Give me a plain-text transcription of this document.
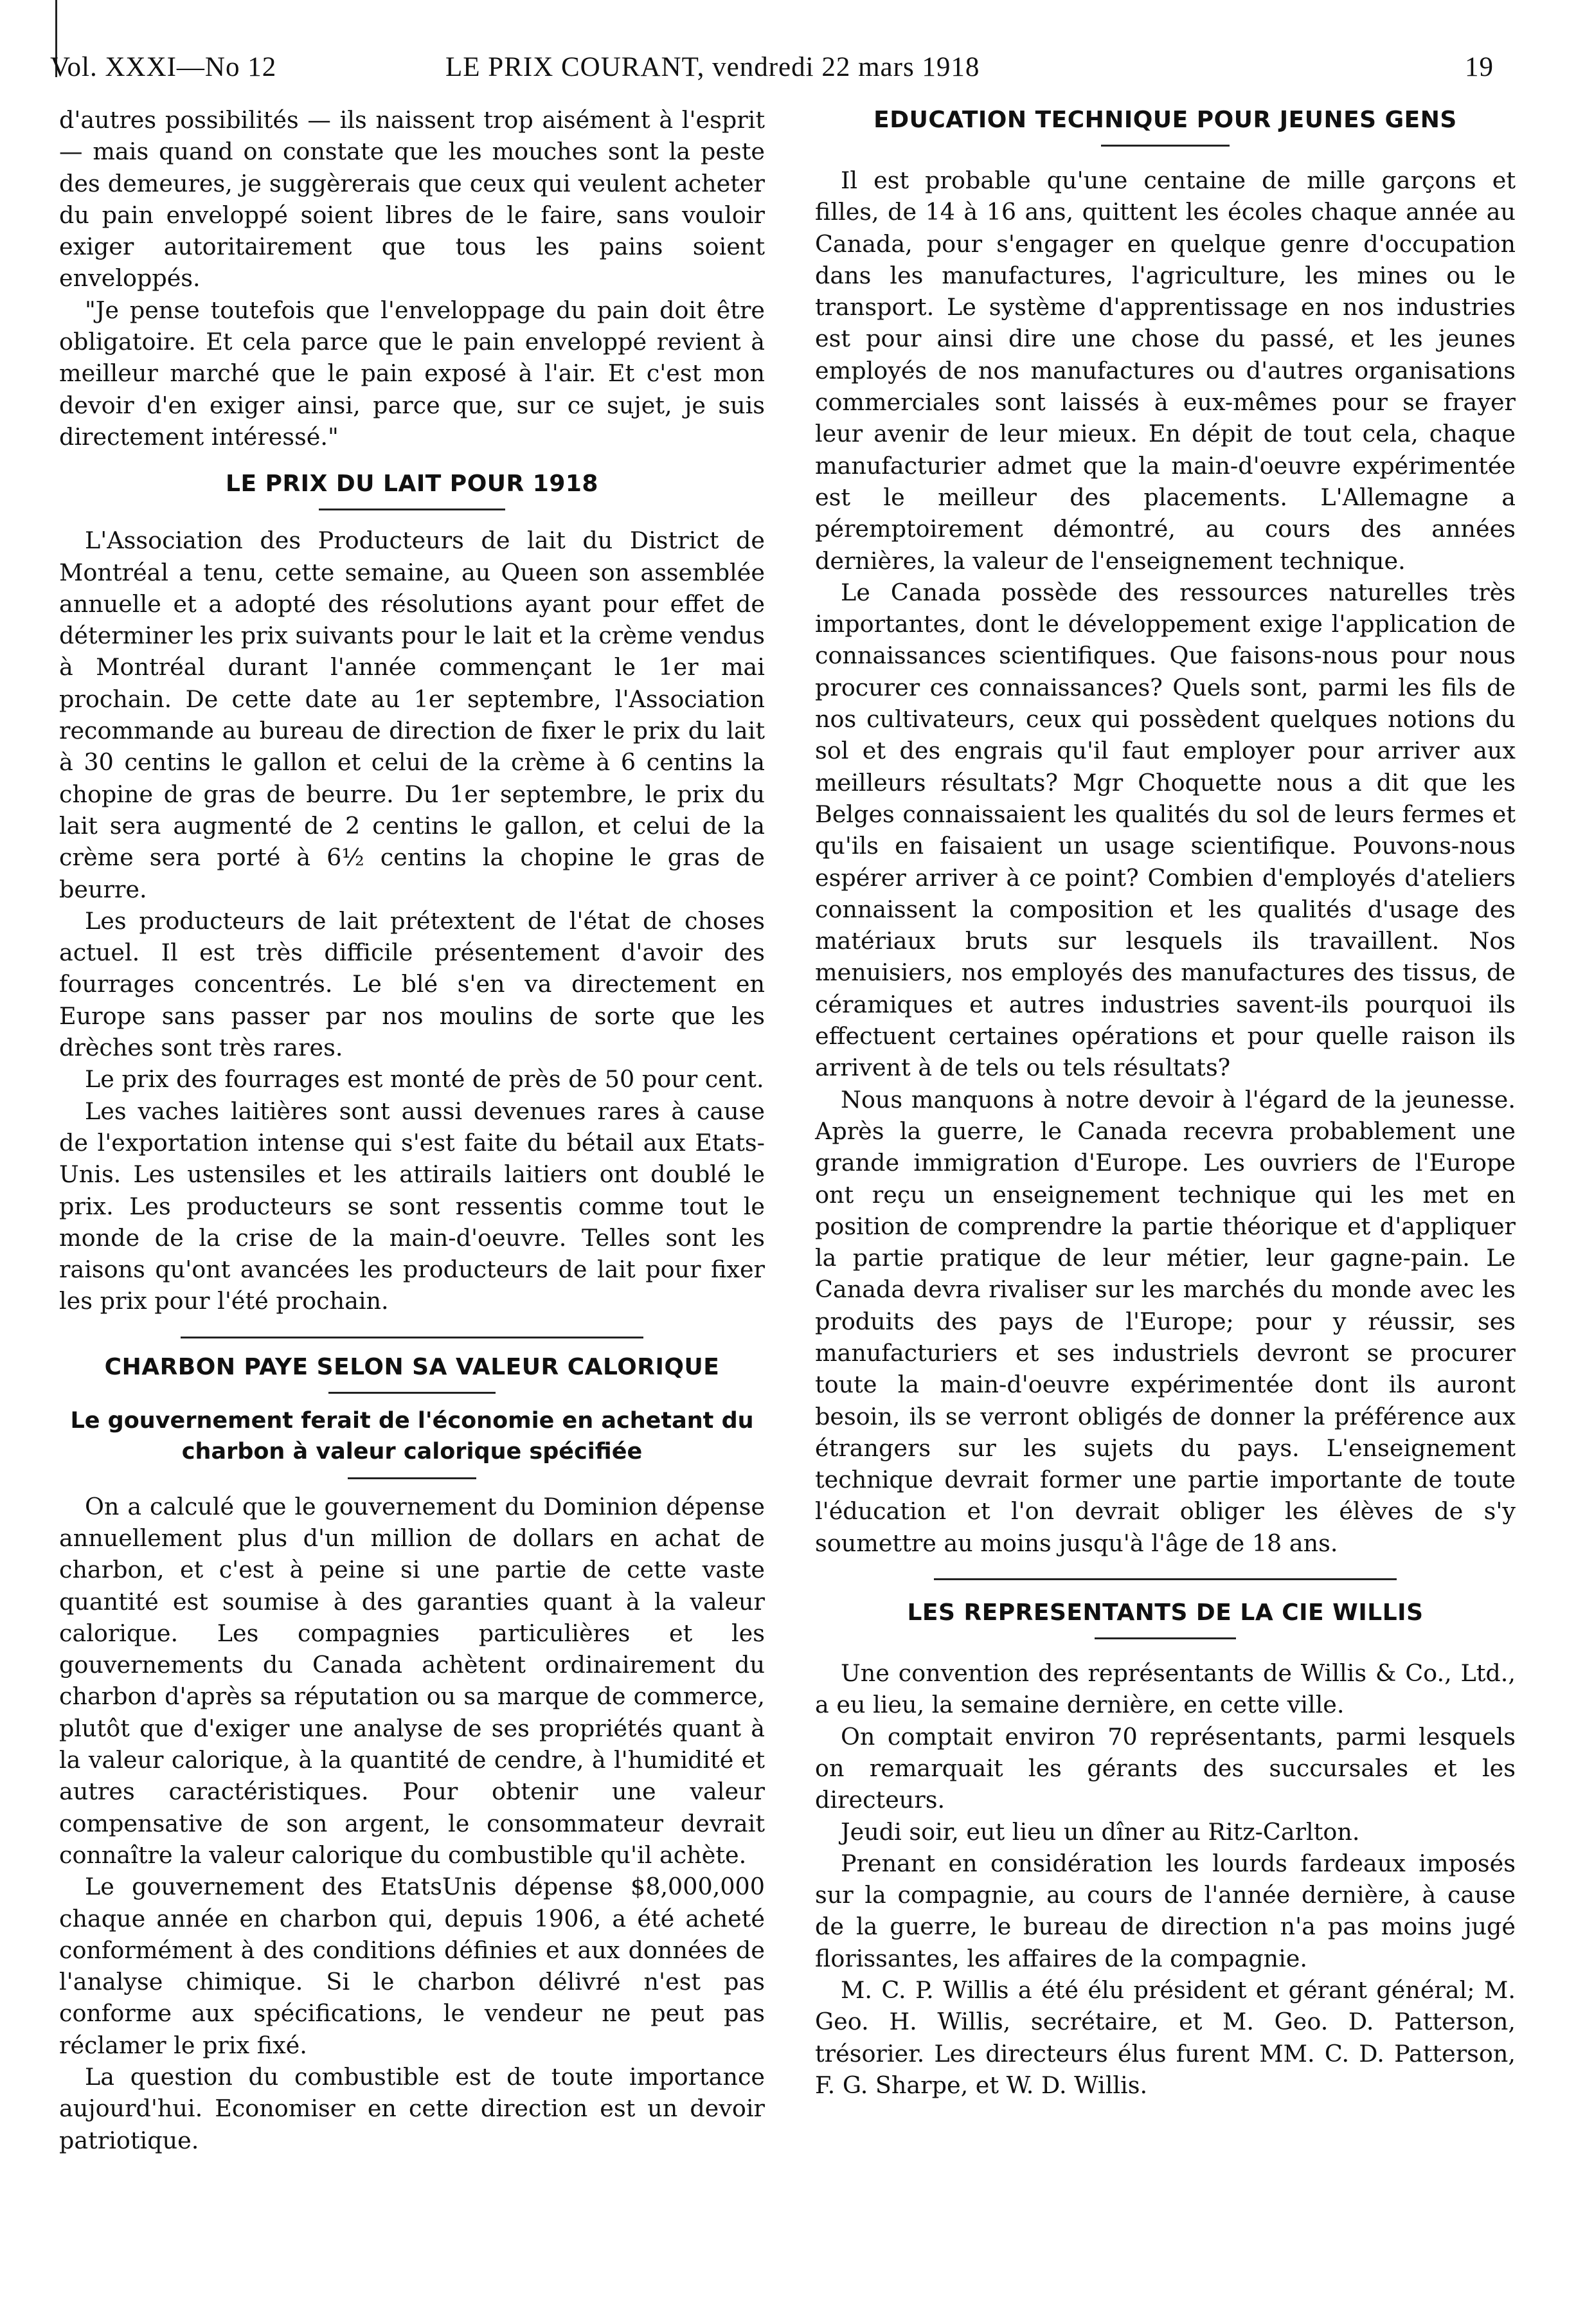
Vol. XXXI—No 12	LE PRIX COURANT, vendredi 22 mars 1918	19

d'autres possibilités — ils naissent trop aisément à l'esprit — mais quand on constate que les mouches sont la peste des demeures, je suggèrerais que ceux qui veulent acheter du pain enveloppé soient libres de le faire, sans vouloir exiger autoritairement que tous les pains soient enveloppés.

"Je pense toutefois que l'enveloppage du pain doit être obligatoire. Et cela parce que le pain enveloppé revient à meilleur marché que le pain exposé à l'air. Et c'est mon devoir d'en exiger ainsi, parce que, sur ce sujet, je suis directement intéressé."

LE PRIX DU LAIT POUR 1918

L'Association des Producteurs de lait du District de Montréal a tenu, cette semaine, au Queen son assemblée annuelle et a adopté des résolutions ayant pour effet de déterminer les prix suivants pour le lait et la crème vendus à Montréal durant l'année commençant le 1er mai prochain. De cette date au 1er septembre, l'Association recommande au bureau de direction de fixer le prix du lait à 30 centins le gallon et celui de la crème à 6 centins la chopine de gras de beurre. Du 1er septembre, le prix du lait sera augmenté de 2 centins le gallon, et celui de la crème sera porté à 6½ centins la chopine le gras de beurre.

Les producteurs de lait prétextent de l'état de choses actuel. Il est très difficile présentement d'avoir des fourrages concentrés. Le blé s'en va directement en Europe sans passer par nos moulins de sorte que les drèches sont très rares.

Le prix des fourrages est monté de près de 50 pour cent.

Les vaches laitières sont aussi devenues rares à cause de l'exportation intense qui s'est faite du bétail aux Etats-Unis. Les ustensiles et les attirails laitiers ont doublé le prix. Les producteurs se sont ressentis comme tout le monde de la crise de la main-d'oeuvre. Telles sont les raisons qu'ont avancées les producteurs de lait pour fixer les prix pour l'été prochain.

CHARBON PAYE SELON SA VALEUR CALORIQUE
Le gouvernement ferait de l'économie en achetant du charbon à valeur calorique spécifiée

On a calculé que le gouvernement du Dominion dépense annuellement plus d'un million de dollars en achat de charbon, et c'est à peine si une partie de cette vaste quantité est soumise à des garanties quant à la valeur calorique. Les compagnies particulières et les gouvernements du Canada achètent ordinairement du charbon d'après sa réputation ou sa marque de commerce, plutôt que d'exiger une analyse de ses propriétés quant à la valeur calorique, à la quantité de cendre, à l'humidité et autres caractéristiques. Pour obtenir une valeur compensative de son argent, le consommateur devrait connaître la valeur calorique du combustible qu'il achète.

Le gouvernement des EtatsUnis dépense $8,000,000 chaque année en charbon qui, depuis 1906, a été acheté conformément à des conditions définies et aux données de l'analyse chimique. Si le charbon délivré n'est pas conforme aux spécifications, le vendeur ne peut pas réclamer le prix fixé.

La question du combustible est de toute importance aujourd'hui. Economiser en cette direction est un devoir patriotique.

EDUCATION TECHNIQUE POUR JEUNES GENS

Il est probable qu'une centaine de mille garçons et filles, de 14 à 16 ans, quittent les écoles chaque année au Canada, pour s'engager en quelque genre d'occupation dans les manufactures, l'agriculture, les mines ou le transport. Le système d'apprentissage en nos industries est pour ainsi dire une chose du passé, et les jeunes employés de nos manufactures ou d'autres organisations commerciales sont laissés à eux-mêmes pour se frayer leur avenir de leur mieux. En dépit de tout cela, chaque manufacturier admet que la main-d'oeuvre expérimentée est le meilleur des placements. L'Allemagne a péremptoirement démontré, au cours des années dernières, la valeur de l'enseignement technique.

Le Canada possède des ressources naturelles très importantes, dont le développement exige l'application de connaissances scientifiques. Que faisons-nous pour nous procurer ces connaissances? Quels sont, parmi les fils de nos cultivateurs, ceux qui possèdent quelques notions du sol et des engrais qu'il faut employer pour arriver aux meilleurs résultats? Mgr Choquette nous a dit que les Belges connaissaient les qualités du sol de leurs fermes et qu'ils en faisaient un usage scientifique. Pouvons-nous espérer arriver à ce point? Combien d'employés d'ateliers connaissent la composition et les qualités d'usage des matériaux bruts sur lesquels ils travaillent. Nos menuisiers, nos employés des manufactures des tissus, de céramiques et autres industries savent-ils pourquoi ils effectuent certaines opérations et pour quelle raison ils arrivent à de tels ou tels résultats?

Nous manquons à notre devoir à l'égard de la jeunesse. Après la guerre, le Canada recevra probablement une grande immigration d'Europe. Les ouvriers de l'Europe ont reçu un enseignement technique qui les met en position de comprendre la partie théorique et d'appliquer la partie pratique de leur métier, leur gagne-pain. Le Canada devra rivaliser sur les marchés du monde avec les produits des pays de l'Europe; pour y réussir, ses manufacturiers et ses industriels devront se procurer toute la main-d'oeuvre expérimentée dont ils auront besoin, ils se verront obligés de donner la préférence aux étrangers sur les sujets du pays. L'enseignement technique devrait former une partie importante de toute l'éducation et l'on devrait obliger les élèves de s'y soumettre au moins jusqu'à l'âge de 18 ans.

LES REPRESENTANTS DE LA CIE WILLIS

Une convention des représentants de Willis & Co., Ltd., a eu lieu, la semaine dernière, en cette ville.

On comptait environ 70 représentants, parmi lesquels on remarquait les gérants des succursales et les directeurs.

Jeudi soir, eut lieu un dîner au Ritz-Carlton.

Prenant en considération les lourds fardeaux imposés sur la compagnie, au cours de l'année dernière, à cause de la guerre, le bureau de direction n'a pas moins jugé florissantes, les affaires de la compagnie.

M. C. P. Willis a été élu président et gérant général; M. Geo. H. Willis, secrétaire, et M. Geo. D. Patterson, trésorier. Les directeurs élus furent MM. C. D. Patterson, F. G. Sharpe, et W. D. Willis.
